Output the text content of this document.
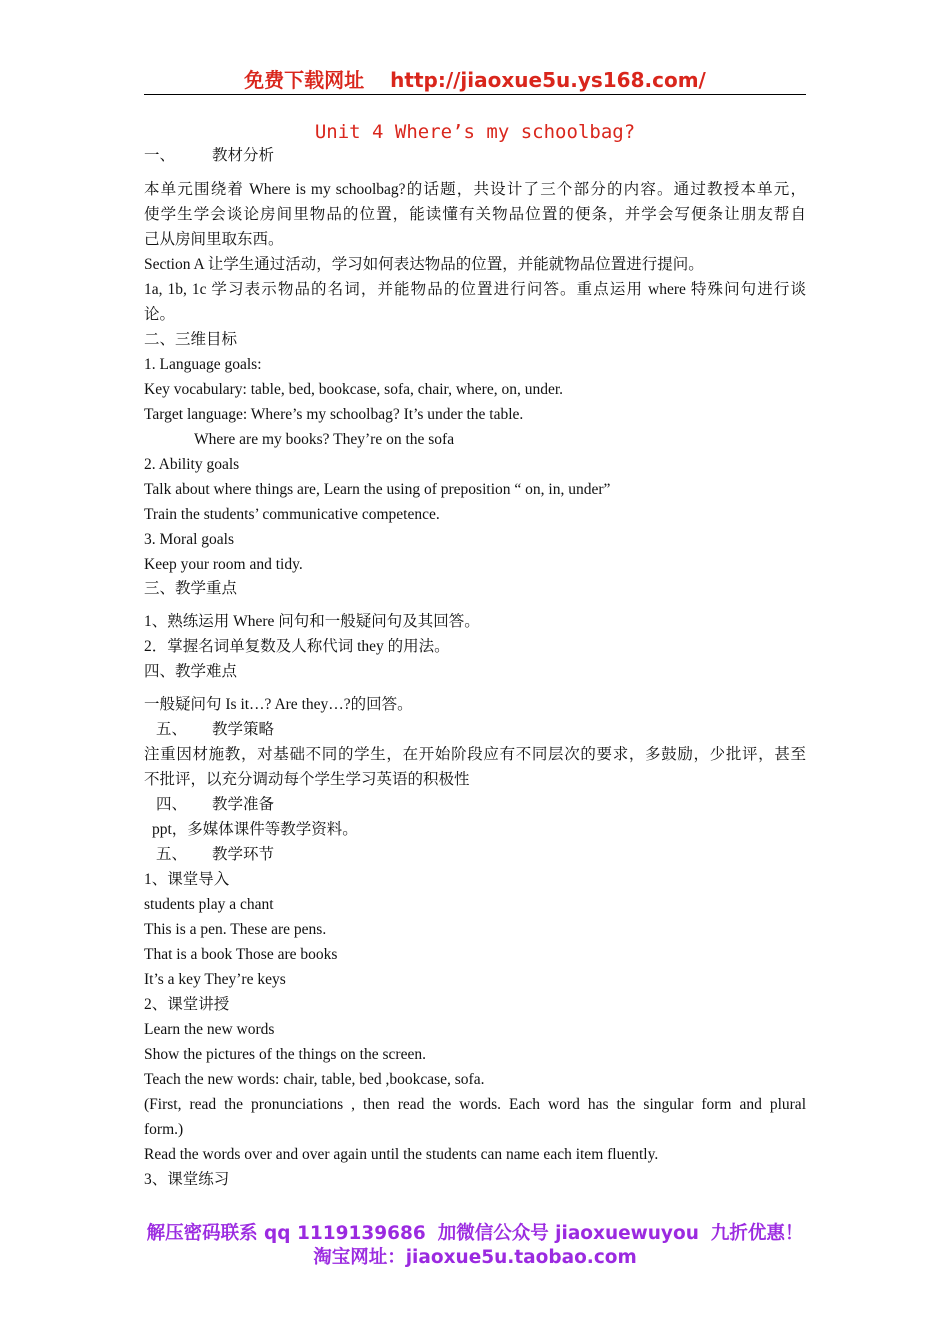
免费下载网址 http://jiaoxue5u.ys168.com/
Unit 4 Where’s my schoolbag?
一、 教材分析
本单元围绕着 Where is my schoolbag?的话题，共设计了三个部分的内容。通过教授本单元，
使学生学会谈论房间里物品的位置，能读懂有关物品位置的便条，并学会写便条让朋友帮自
己从房间里取东西。
Section A 让学生通过活动，学习如何表达物品的位置，并能就物品位置进行提问。
1a, 1b, 1c 学习表示物品的名词，并能物品的位置进行问答。重点运用 where 特殊问句进行谈
论。
二、三维目标
1. Language goals:
Key vocabulary: table, bed, bookcase, sofa, chair, where, on, under.
Target language: Where’s my schoolbag? It’s under the table.
Where are my books? They’re on the sofa
2. Ability goals
Talk about where things are, Learn the using of preposition “ on, in, under”
Train the students’ communicative competence.
3. Moral goals
Keep your room and tidy.
三、教学重点
1、熟练运用 Where 问句和一般疑问句及其回答。
2．掌握名词单复数及人称代词 they 的用法。
四、教学难点
一般疑问句 Is it…? Are they…?的回答。
五、 教学策略
注重因材施教，对基础不同的学生，在开始阶段应有不同层次的要求，多鼓励，少批评，甚至
不批评，以充分调动每个学生学习英语的积极性
四、 教学准备
ppt，多媒体课件等教学资料。
五、 教学环节
1、课堂导入
students play a chant
This is a pen. These are pens.
That is a book Those are books
It’s a key They’re keys
2、课堂讲授
Learn the new words
Show the pictures of the things on the screen.
Teach the new words: chair, table, bed ,bookcase, sofa.
(First, read the pronunciations , then read the words. Each word has the singular form and plural
form.)
Read the words over and over again until the students can name each item fluently.
3、课堂练习
解压密码联系 qq 1119139686 加微信公众号 jiaoxuewuyou 九折优惠！
淘宝网址：jiaoxue5u.taobao.com
